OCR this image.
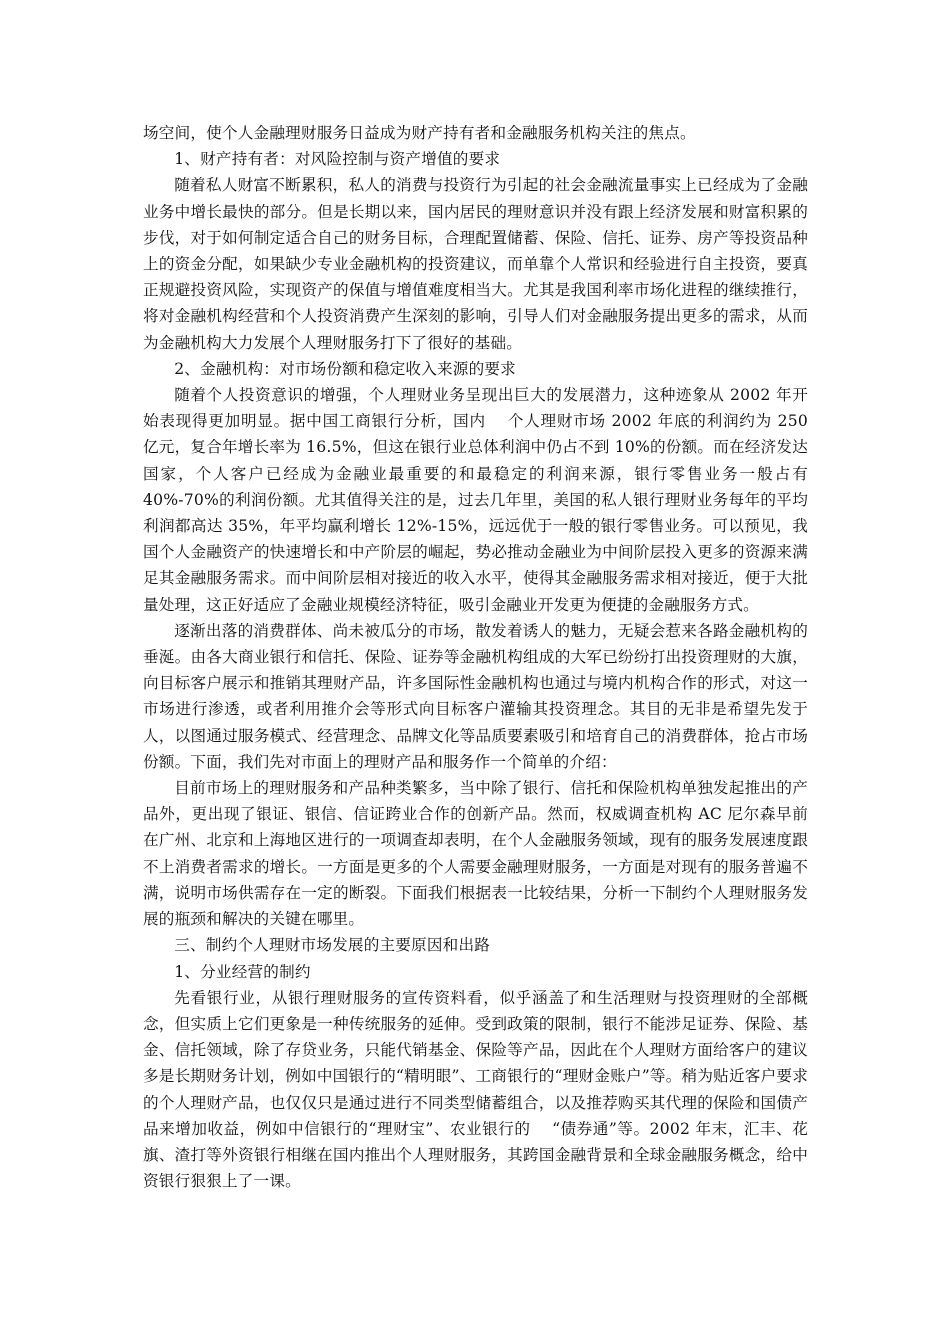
场空间，使个人金融理财服务日益成为财产持有者和金融服务机构关注的焦点。

1、财产持有者：对风险控制与资产增值的要求

随着私人财富不断累积，私人的消费与投资行为引起的社会金融流量事实上已经成为了金融业务中增长最快的部分。但是长期以来，国内居民的理财意识并没有跟上经济发展和财富积累的步伐，对于如何制定适合自己的财务目标，合理配置储蓄、保险、信托、证券、房产等投资品种上的资金分配，如果缺少专业金融机构的投资建议，而单靠个人常识和经验进行自主投资，要真正规避投资风险，实现资产的保值与增值难度相当大。尤其是我国利率市场化进程的继续推行，将对金融机构经营和个人投资消费产生深刻的影响，引导人们对金融服务提出更多的需求，从而为金融机构大力发展个人理财服务打下了很好的基础。

2、金融机构：对市场份额和稳定收入来源的要求

随着个人投资意识的增强，个人理财业务呈现出巨大的发展潜力，这种迹象从 2002 年开始表现得更加明显。据中国工商银行分析，国内　 个人理财市场 2002 年底的利润约为 250 亿元，复合年增长率为 16.5%，但这在银行业总体利润中仍占不到 10%的份额。而在经济发达国家，个人客户已经成为金融业最重要的和最稳定的利润来源，银行零售业务一般占有 40%-70%的利润份额。尤其值得关注的是，过去几年里，美国的私人银行理财业务每年的平均利润都高达 35%，年平均赢利增长 12%-15%，远远优于一般的银行零售业务。可以预见，我国个人金融资产的快速增长和中产阶层的崛起，势必推动金融业为中间阶层投入更多的资源来满足其金融服务需求。而中间阶层相对接近的收入水平，使得其金融服务需求相对接近，便于大批量处理，这正好适应了金融业规模经济特征，吸引金融业开发更为便捷的金融服务方式。

逐渐出落的消费群体、尚未被瓜分的市场，散发着诱人的魅力，无疑会惹来各路金融机构的垂涎。由各大商业银行和信托、保险、证券等金融机构组成的大军已纷纷打出投资理财的大旗，向目标客户展示和推销其理财产品，许多国际性金融机构也通过与境内机构合作的形式，对这一市场进行渗透，或者利用推介会等形式向目标客户灌输其投资理念。其目的无非是希望先发于人，以图通过服务模式、经营理念、品牌文化等品质要素吸引和培育自己的消费群体，抢占市场份额。下面，我们先对市面上的理财产品和服务作一个简单的介绍：

目前市场上的理财服务和产品种类繁多，当中除了银行、信托和保险机构单独发起推出的产品外，更出现了银证、银信、信证跨业合作的创新产品。然而，权威调查机构 AC 尼尔森早前在广州、北京和上海地区进行的一项调查却表明，在个人金融服务领域，现有的服务发展速度跟不上消费者需求的增长。一方面是更多的个人需要金融理财服务，一方面是对现有的服务普遍不满，说明市场供需存在一定的断裂。下面我们根据表一比较结果，分析一下制约个人理财服务发展的瓶颈和解决的关键在哪里。

三、制约个人理财市场发展的主要原因和出路

1、分业经营的制约

先看银行业，从银行理财服务的宣传资料看，似乎涵盖了和生活理财与投资理财的全部概念，但实质上它们更象是一种传统服务的延伸。受到政策的限制，银行不能涉足证券、保险、基金、信托领域，除了存贷业务，只能代销基金、保险等产品，因此在个人理财方面给客户的建议多是长期财务计划，例如中国银行的“精明眼”、工商银行的“理财金账户”等。稍为贴近客户要求的个人理财产品，也仅仅只是通过进行不同类型储蓄组合，以及推荐购买其代理的保险和国债产品来增加收益，例如中信银行的“理财宝”、农业银行的　 “债券通”等。2002 年末，汇丰、花旗、渣打等外资银行相继在国内推出个人理财服务，其跨国金融背景和全球金融服务概念，给中资银行狠狠上了一课。
